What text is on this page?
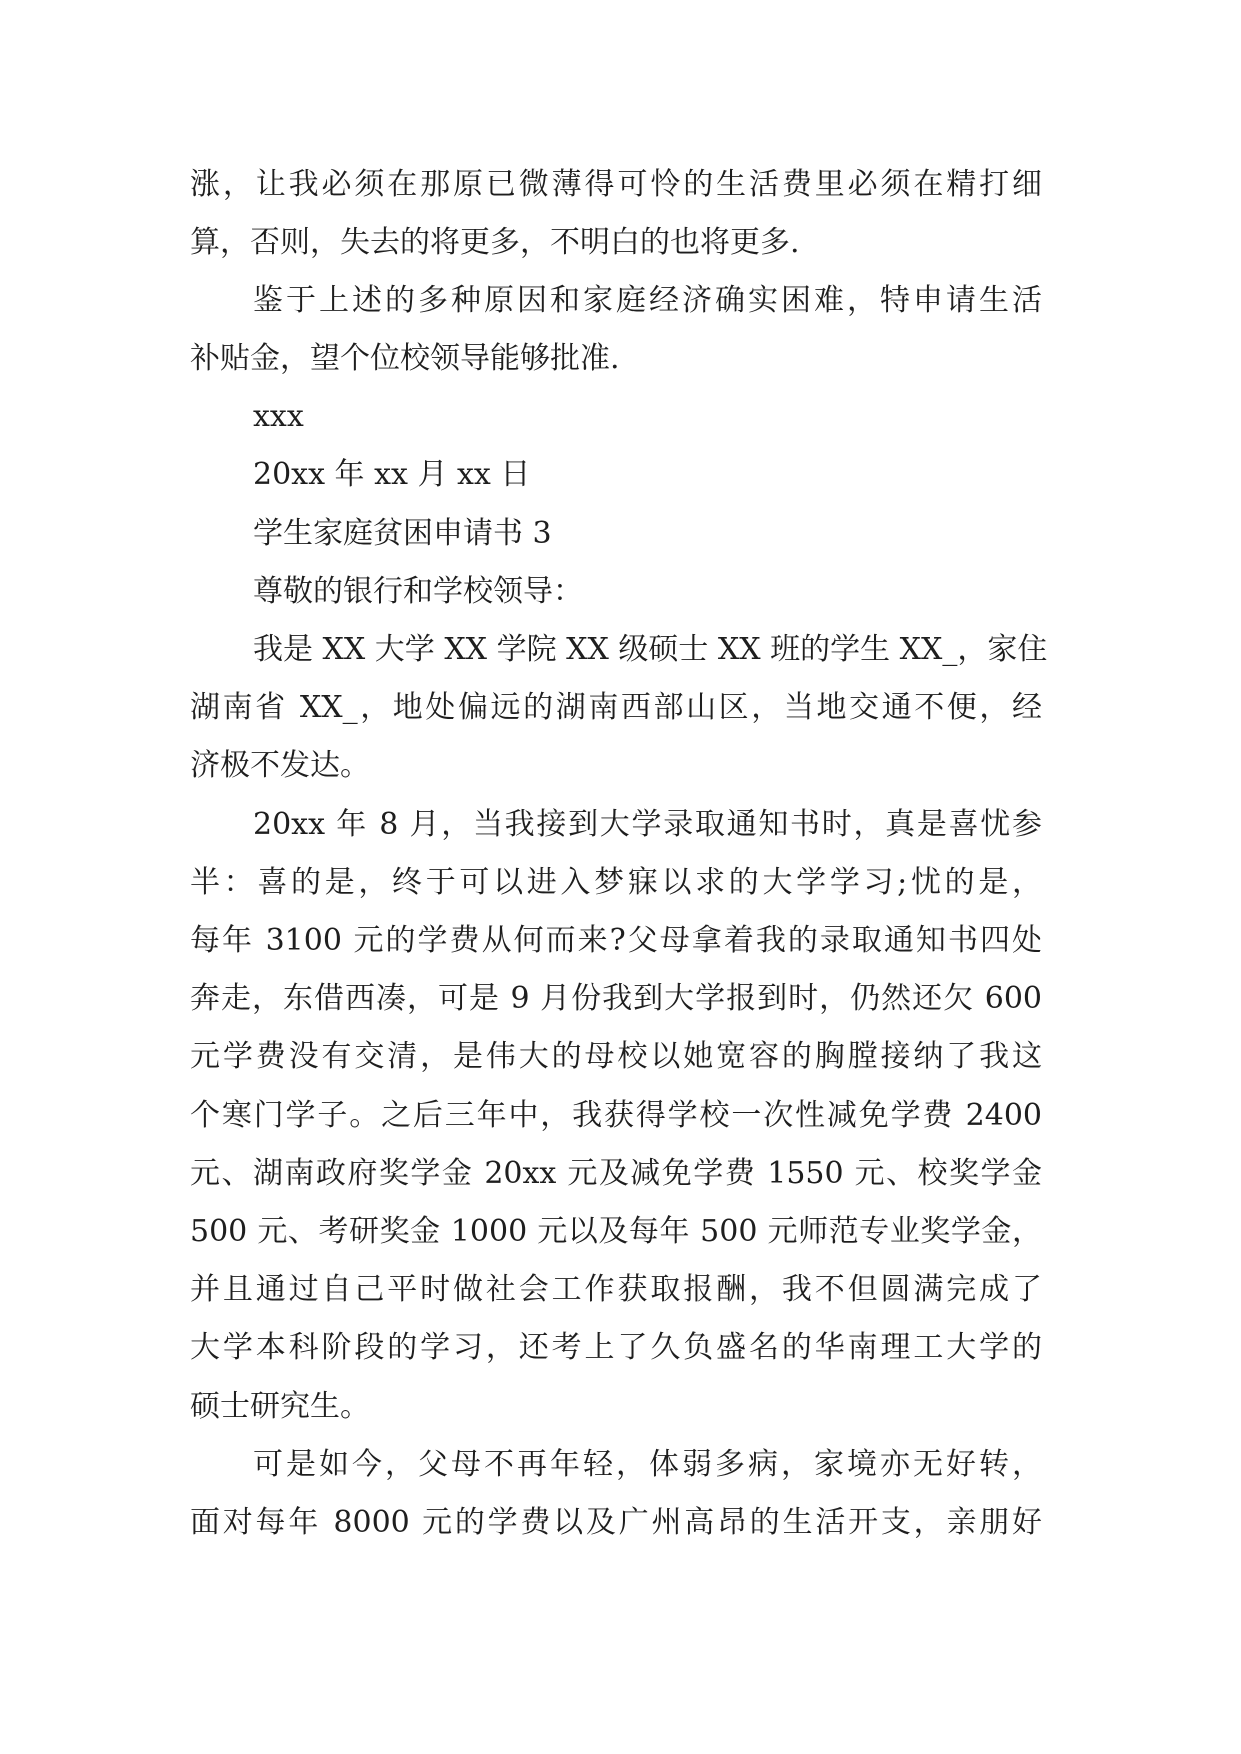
涨，让我必须在那原已微薄得可怜的生活费里必须在精打细
算，否则，失去的将更多，不明白的也将更多.
鉴于上述的多种原因和家庭经济确实困难，特申请生活
补贴金，望个位校领导能够批准.
xxx
20xx 年 xx 月 xx 日
学生家庭贫困申请书 3
尊敬的银行和学校领导：
我是 XX 大学 XX 学院 XX 级硕士 XX 班的学生 XX_，家住
湖南省 XX_，地处偏远的湖南西部山区，当地交通不便，经
济极不发达。
20xx 年 8 月，当我接到大学录取通知书时，真是喜忧参
半：喜的是，终于可以进入梦寐以求的大学学习;忧的是，
每年 3100 元的学费从何而来?父母拿着我的录取通知书四处
奔走，东借西凑，可是 9 月份我到大学报到时，仍然还欠 600
元学费没有交清，是伟大的母校以她宽容的胸膛接纳了我这
个寒门学子。之后三年中，我获得学校一次性减免学费 2400
元、湖南政府奖学金 20xx 元及减免学费 1550 元、校奖学金
500 元、考研奖金 1000 元以及每年 500 元师范专业奖学金，
并且通过自己平时做社会工作获取报酬，我不但圆满完成了
大学本科阶段的学习，还考上了久负盛名的华南理工大学的
硕士研究生。
可是如今，父母不再年轻，体弱多病，家境亦无好转，
面对每年 8000 元的学费以及广州高昂的生活开支，亲朋好
